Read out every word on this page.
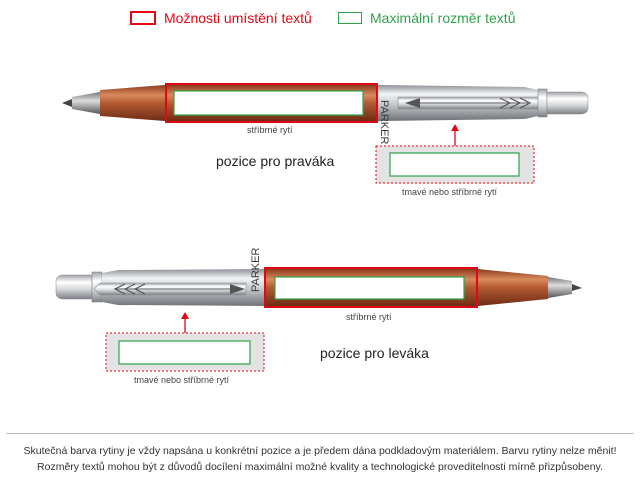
Možnosti umístění textů	Maximální rozměr textů
PARKER
PARKER
stříbrné rytí
pozice pro praváka
tmavé nebo stříbrné rytí
stříbrné rytí
pozice pro leváka
tmavé nebo stříbrné rytí
Skutečná barva rytiny je vždy napsána u konkrétní pozice a je předem dána podkladovým materiálem. Barvu rytiny nelze měnit!
Rozměry textů mohou být z důvodů docílení maximální možné kvality a technologické proveditelnosti mírně přizpůsobeny.
